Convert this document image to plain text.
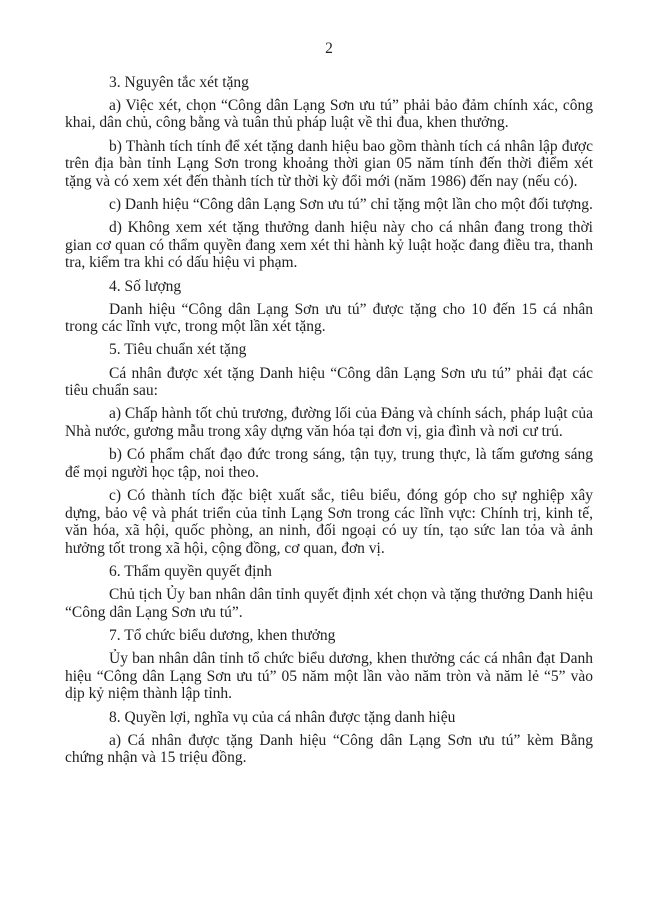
2

3. Nguyên tắc xét tặng

a) Việc xét, chọn “Công dân Lạng Sơn ưu tú” phải bảo đảm chính xác, công khai, dân chủ, công bằng và tuân thủ pháp luật về thi đua, khen thưởng.

b) Thành tích tính để xét tặng danh hiệu bao gồm thành tích cá nhân lập được trên địa bàn tỉnh Lạng Sơn trong khoảng thời gian 05 năm tính đến thời điểm xét tặng và có xem xét đến thành tích từ thời kỳ đổi mới (năm 1986) đến nay (nếu có).

c) Danh hiệu “Công dân Lạng Sơn ưu tú” chỉ tặng một lần cho một đối tượng.

d) Không xem xét tặng thưởng danh hiệu này cho cá nhân đang trong thời gian cơ quan có thẩm quyền đang xem xét thi hành kỷ luật hoặc đang điều tra, thanh tra, kiểm tra khi có dấu hiệu vi phạm.

4. Số lượng

Danh hiệu “Công dân Lạng Sơn ưu tú” được tặng cho 10 đến 15 cá nhân trong các lĩnh vực, trong một lần xét tặng.

5. Tiêu chuẩn xét tặng

Cá nhân được xét tặng Danh hiệu “Công dân Lạng Sơn ưu tú” phải đạt các tiêu chuẩn sau:

a) Chấp hành tốt chủ trương, đường lối của Đảng và chính sách, pháp luật của Nhà nước, gương mẫu trong xây dựng văn hóa tại đơn vị, gia đình và nơi cư trú.

b) Có phẩm chất đạo đức trong sáng, tận tụy, trung thực, là tấm gương sáng để mọi người học tập, noi theo.

c) Có thành tích đặc biệt xuất sắc, tiêu biểu, đóng góp cho sự nghiệp xây dựng, bảo vệ và phát triển của tỉnh Lạng Sơn trong các lĩnh vực: Chính trị, kinh tế, văn hóa, xã hội, quốc phòng, an ninh, đối ngoại có uy tín, tạo sức lan tỏa và ảnh hưởng tốt trong xã hội, cộng đồng, cơ quan, đơn vị.

6. Thẩm quyền quyết định

Chủ tịch Ủy ban nhân dân tỉnh quyết định xét chọn và tặng thưởng Danh hiệu “Công dân Lạng Sơn ưu tú”.

7. Tổ chức biểu dương, khen thưởng

Ủy ban nhân dân tỉnh tổ chức biểu dương, khen thưởng các cá nhân đạt Danh hiệu “Công dân Lạng Sơn ưu tú” 05 năm một lần vào năm tròn và năm lẻ “5” vào dịp kỷ niệm thành lập tỉnh.

8. Quyền lợi, nghĩa vụ của cá nhân được tặng danh hiệu

a) Cá nhân được tặng Danh hiệu “Công dân Lạng Sơn ưu tú” kèm Bằng chứng nhận và 15 triệu đồng.
